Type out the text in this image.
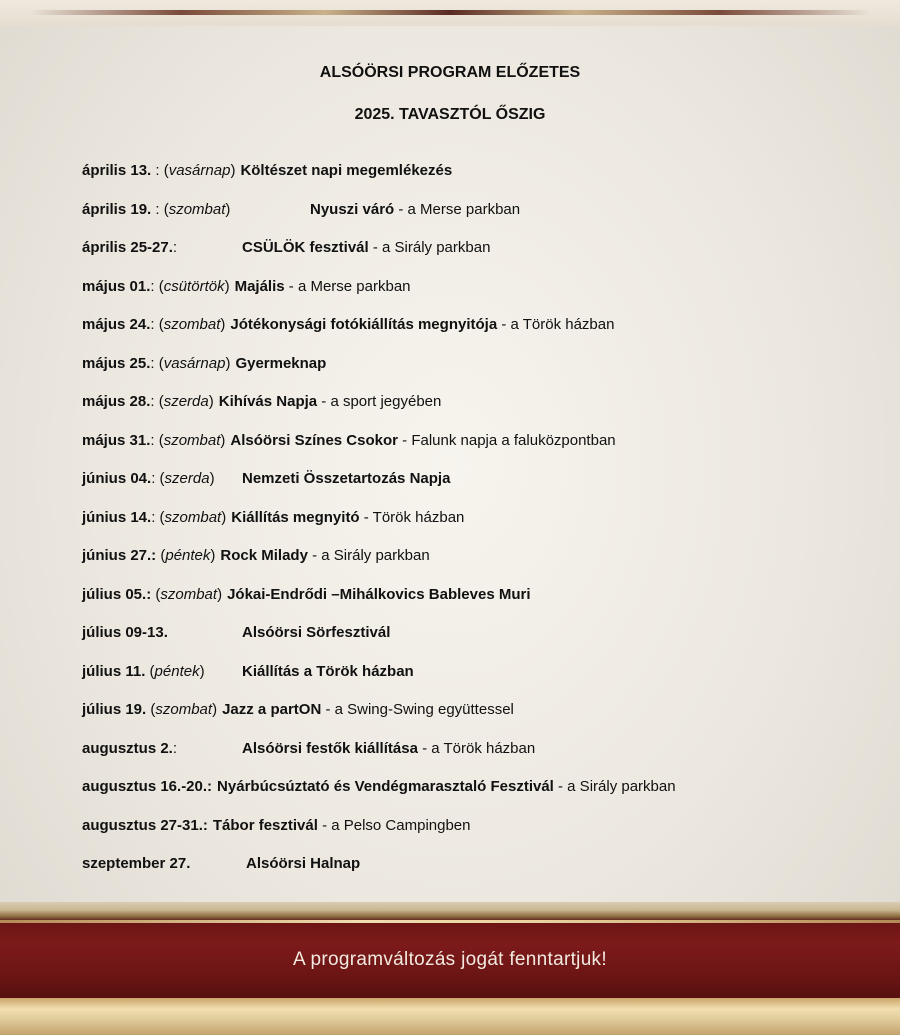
ALSÓÖRSI PROGRAM ELŐZETES
2025. TAVASZTÓL ŐSZIG
április 13. : (vasárnap) Költészet napi megemlékezés
április 19. : (szombat)	Nyuszi váró - a Merse parkban
április 25-27.:	CSÜLÖK fesztivál - a Sirály parkban
május 01.: (csütörtök) Majális - a Merse parkban
május 24.: (szombat) Jótékonysági fotókiállítás megnyitója - a Török házban
május 25.: (vasárnap) Gyermeknap
május 28.: (szerda) Kihívás Napja - a sport jegyében
május 31.: (szombat) Alsóörsi Színes Csokor - Falunk napja a faluközpontban
június 04.: (szerda) Nemzeti Összetartozás Napja
június 14.: (szombat) Kiállítás megnyitó - Török házban
június 27.: (péntek) Rock Milady - a Sirály parkban
július 05.: (szombat) Jókai-Endrődi –Mihálkovics Bableves Muri
július 09-13.	Alsóörsi Sörfesztivál
július 11. (péntek) Kiállítás a Török házban
július 19. (szombat) Jazz a partON - a Swing-Swing együttessel
augusztus 2.:	Alsóörsi festők kiállítása - a Török házban
augusztus 16.-20.: Nyárbúcsúztató és Vendégmarasztaló Fesztivál - a Sirály parkban
augusztus 27-31.: Tábor fesztivál - a Pelso Campingben
szeptember 27.	Alsóörsi Halnap
A programváltozás jogát fenntartjuk!
